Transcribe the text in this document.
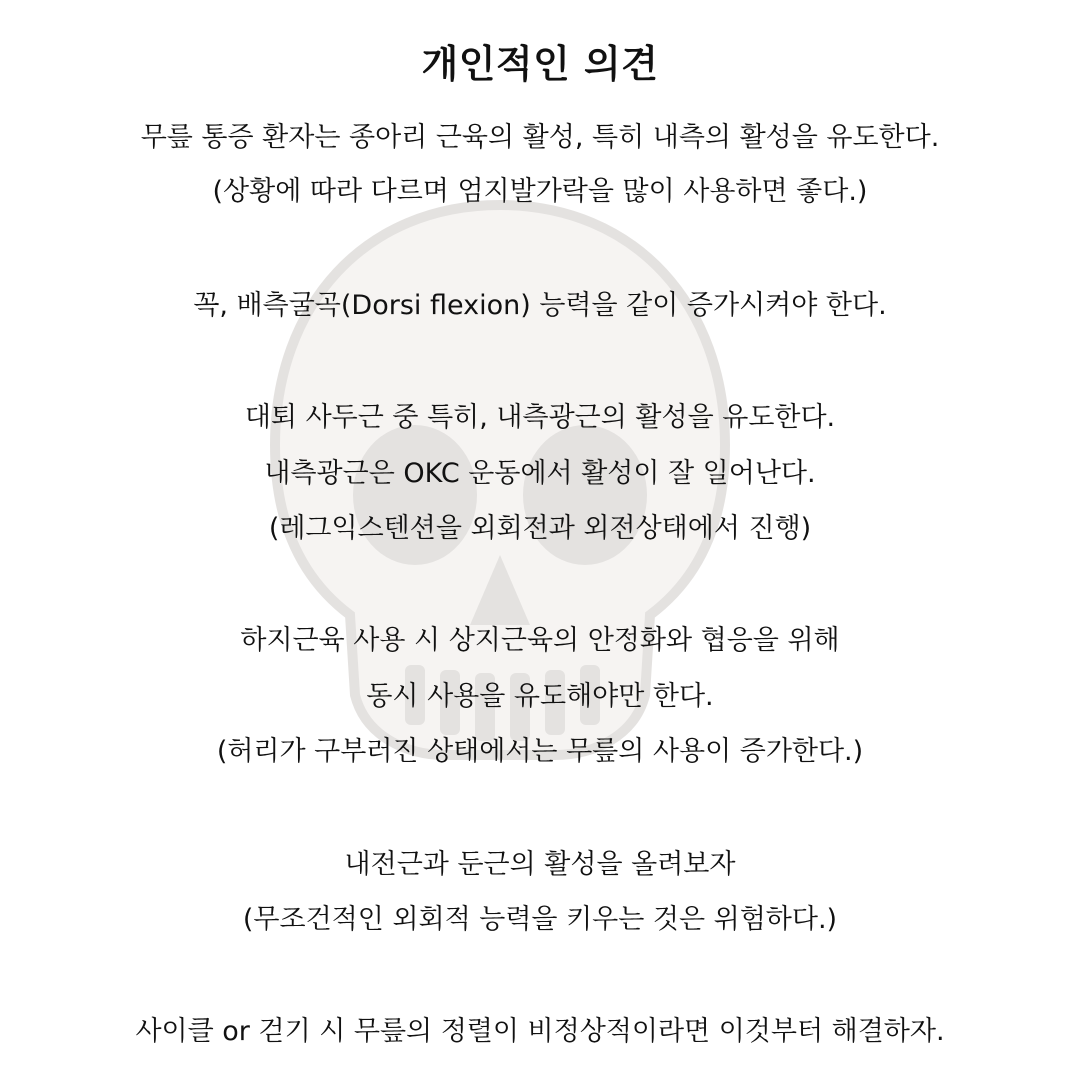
개인적인 의견
무릎 통증 환자는 종아리 근육의 활성, 특히 내측의 활성을 유도한다.
(상황에 따라 다르며 엄지발가락을 많이 사용하면 좋다.)
꼭, 배측굴곡(Dorsi flexion) 능력을 같이 증가시켜야 한다.
대퇴 사두근 중 특히, 내측광근의 활성을 유도한다.
내측광근은 OKC 운동에서 활성이 잘 일어난다.
(레그익스텐션을 외회전과 외전상태에서 진행)
하지근육 사용 시 상지근육의 안정화와 협응을 위해
동시 사용을 유도해야만 한다.
(허리가 구부러진 상태에서는 무릎의 사용이 증가한다.)
내전근과 둔근의 활성을 올려보자
(무조건적인 외회적 능력을 키우는 것은 위험하다.)
사이클 or 걷기 시 무릎의 정렬이 비정상적이라면 이것부터 해결하자.
